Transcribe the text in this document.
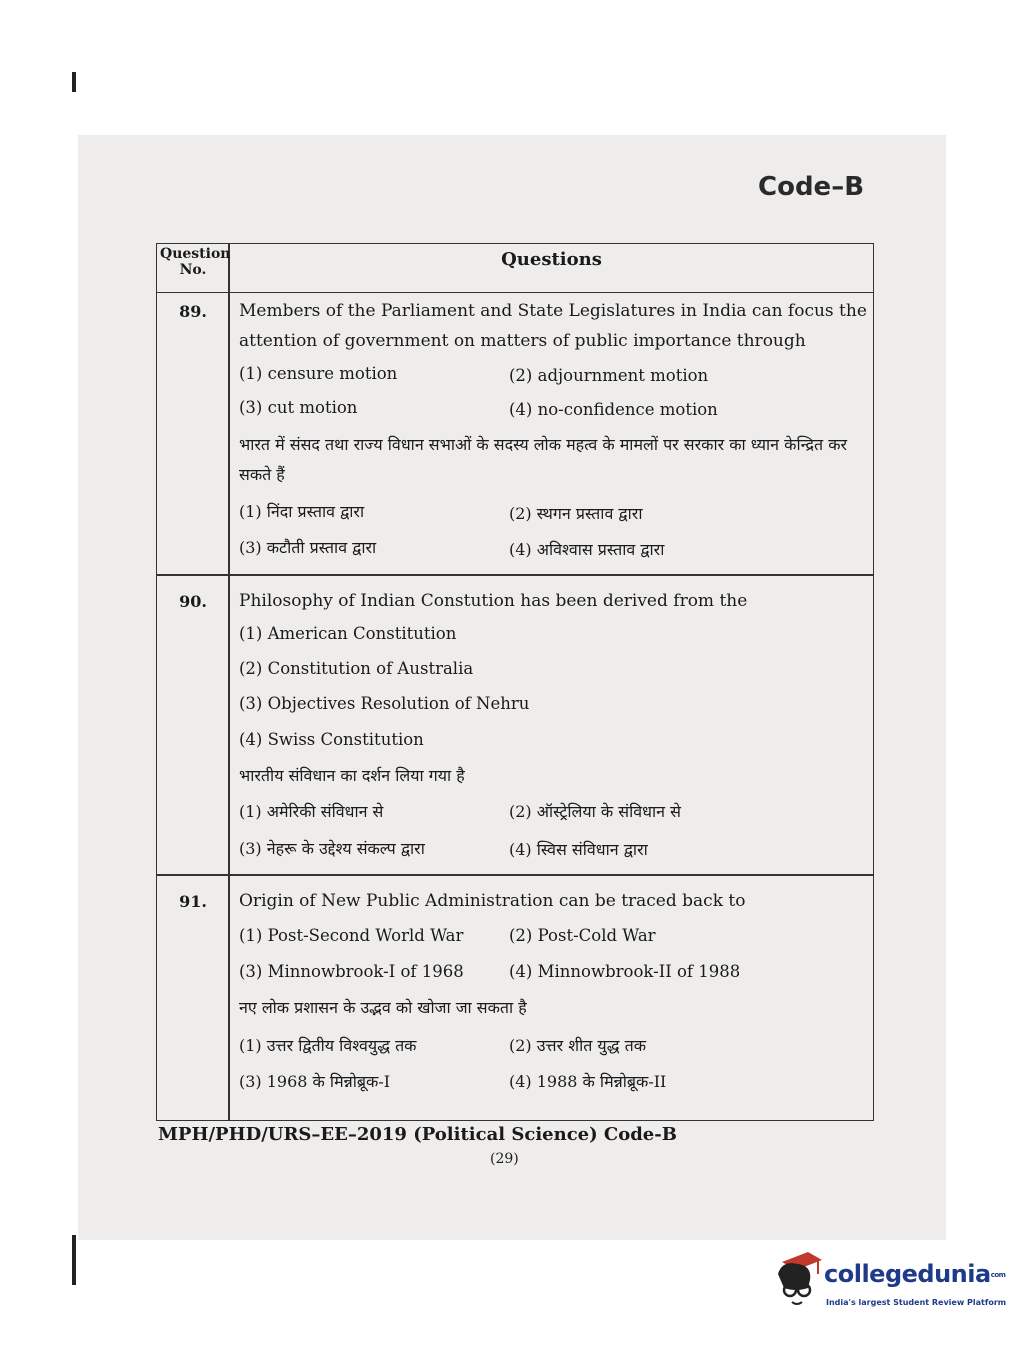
Code–B
Question No.	Questions
89.	Members of the Parliament and State Legislatures in India can focus the attention of government on matters of public importance through
(1) censure motion	(2) adjournment motion
(3) cut motion	(4) no-confidence motion
भारत में संसद तथा राज्य विधान सभाओं के सदस्य लोक महत्व के मामलों पर सरकार का ध्यान केन्द्रित कर सकते हैं
(1) निंदा प्रस्ताव द्वारा	(2) स्थगन प्रस्ताव द्वारा
(3) कटौती प्रस्ताव द्वारा	(4) अविश्वास प्रस्ताव द्वारा
90.	Philosophy of Indian Constution has been derived from the
(1) American Constitution
(2) Constitution of Australia
(3) Objectives Resolution of Nehru
(4) Swiss Constitution
भारतीय संविधान का दर्शन लिया गया है
(1) अमेरिकी संविधान से	(2) ऑस्ट्रेलिया के संविधान से
(3) नेहरू के उद्देश्य संकल्प द्वारा	(4) स्विस संविधान द्वारा
91.	Origin of New Public Administration can be traced back to
(1) Post-Second World War	(2) Post-Cold War
(3) Minnowbrook-I of 1968	(4) Minnowbrook-II of 1988
नए लोक प्रशासन के उद्भव को खोजा जा सकता है
(1) उत्तर द्वितीय विश्वयुद्ध तक	(2) उत्तर शीत युद्ध तक
(3) 1968 के मिन्नोब्रूक-I	(4) 1988 के मिन्नोब्रूक-II
MPH/PHD/URS–EE–2019 (Political Science) Code-B
(29)
collegeduniacom
India's largest Student Review Platform
